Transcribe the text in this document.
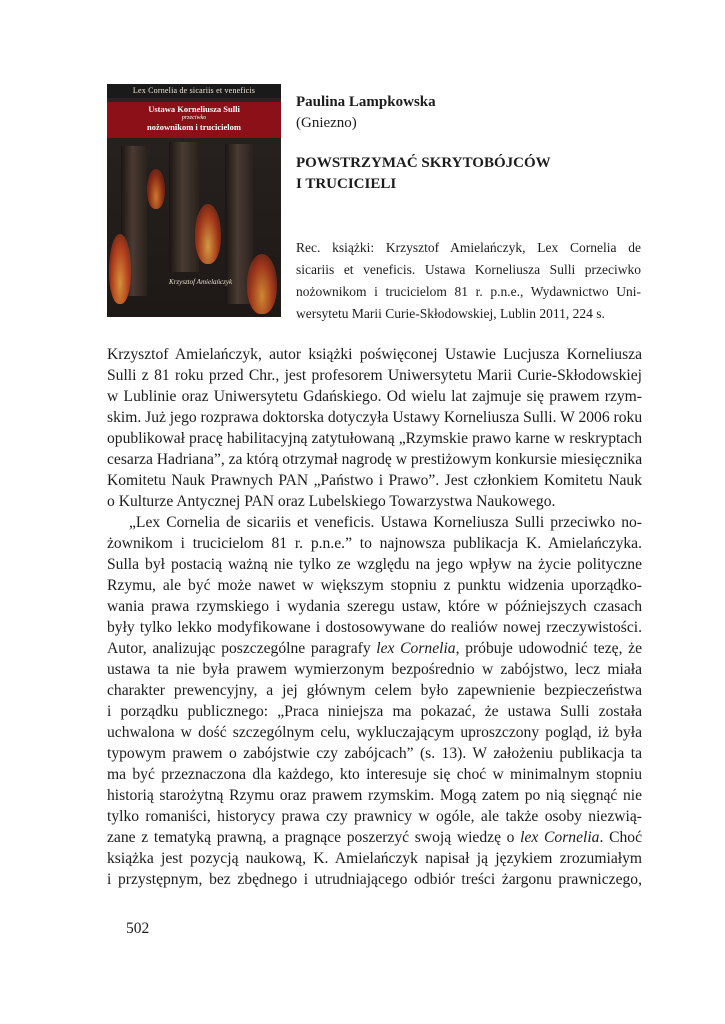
Lex Cornelia de sicariis et veneficis
Ustawa Korneliusza Sulli
przeciwko
nożownikom i trucicielom
Krzysztof Amielańczyk
Paulina Lampkowska
(Gniezno)
POWSTRZYMAĆ SKRYTOBÓJCÓW
I TRUCICIELI
Rec. książki: Krzysztof Amielańczyk, Lex Cornelia de
sicariis et veneficis. Ustawa Korneliusza Sulli przeciwko
nożownikom i trucicielom 81 r. p.n.e., Wydawnictwo Uni-
wersytetu Marii Curie-Skłodowskiej, Lublin 2011, 224 s.
Krzysztof Amielańczyk, autor książki poświęconej Ustawie Lucjusza Korneliusza
Sulli z 81 roku przed Chr., jest profesorem Uniwersytetu Marii Curie-Skłodowskiej
w Lublinie oraz Uniwersytetu Gdańskiego. Od wielu lat zajmuje się prawem rzym-
skim. Już jego rozprawa doktorska dotyczyła Ustawy Korneliusza Sulli. W 2006 roku
opublikował pracę habilitacyjną zatytułowaną „Rzymskie prawo karne w reskryptach
cesarza Hadriana”, za którą otrzymał nagrodę w prestiżowym konkursie miesięcznika
Komitetu Nauk Prawnych PAN „Państwo i Prawo”. Jest członkiem Komitetu Nauk
o Kulturze Antycznej PAN oraz Lubelskiego Towarzystwa Naukowego.
„Lex Cornelia de sicariis et veneficis. Ustawa Korneliusza Sulli przeciwko no-
żownikom i trucicielom 81 r. p.n.e.” to najnowsza publikacja K. Amielańczyka.
Sulla był postacią ważną nie tylko ze względu na jego wpływ na życie polityczne
Rzymu, ale być może nawet w większym stopniu z punktu widzenia uporządko-
wania prawa rzymskiego i wydania szeregu ustaw, które w późniejszych czasach
były tylko lekko modyfikowane i dostosowywane do realiów nowej rzeczywistości.
Autor, analizując poszczególne paragrafy lex Cornelia, próbuje udowodnić tezę, że
ustawa ta nie była prawem wymierzonym bezpośrednio w zabójstwo, lecz miała
charakter prewencyjny, a jej głównym celem było zapewnienie bezpieczeństwa
i porządku publicznego: „Praca niniejsza ma pokazać, że ustawa Sulli została
uchwalona w dość szczególnym celu, wykluczającym uproszczony pogląd, iż była
typowym prawem o zabójstwie czy zabójcach” (s. 13). W założeniu publikacja ta
ma być przeznaczona dla każdego, kto interesuje się choć w minimalnym stopniu
historią starożytną Rzymu oraz prawem rzymskim. Mogą zatem po nią sięgnąć nie
tylko romaniści, historycy prawa czy prawnicy w ogóle, ale także osoby niezwią-
zane z tematyką prawną, a pragnące poszerzyć swoją wiedzę o lex Cornelia. Choć
książka jest pozycją naukową, K. Amielańczyk napisał ją językiem zrozumiałym
i przystępnym, bez zbędnego i utrudniającego odbiór treści żargonu prawniczego,
502
